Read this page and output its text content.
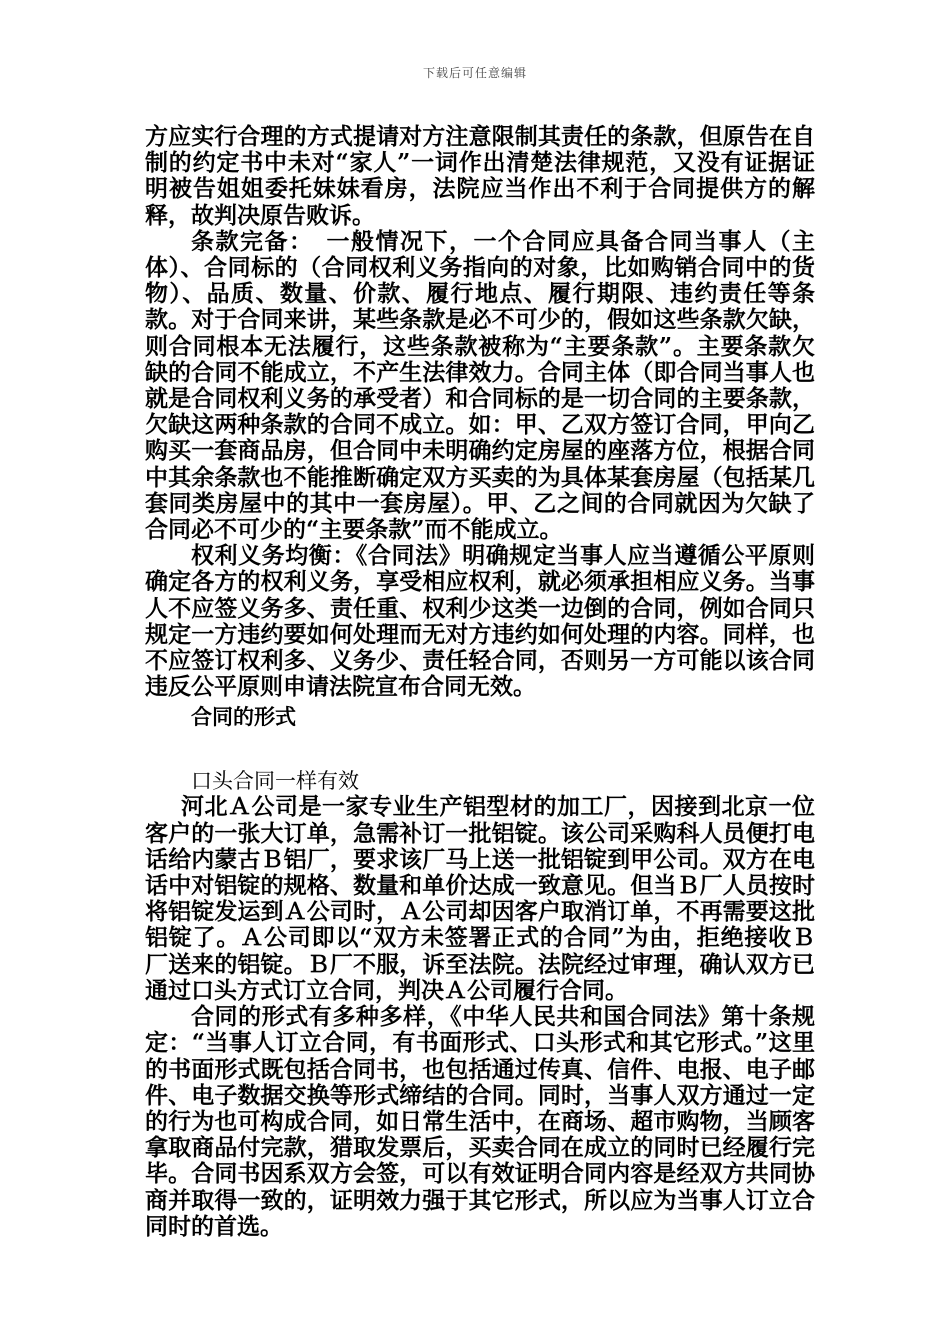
下载后可任意编辑

方应实行合理的方式提请对方注意限制其责任的条款，但原告在自制的约定书中未对“家人”一词作出清楚法律规范，又没有证据证明被告姐姐委托妹妹看房，法院应当作出不利于合同提供方的解释，故判决原告败诉。

条款完备：　一般情况下，一个合同应具备合同当事人（主体）、合同标的（合同权利义务指向的对象，比如购销合同中的货物）、品质、数量、价款、履行地点、履行期限、违约责任等条款。对于合同来讲，某些条款是必不可少的，假如这些条款欠缺，则合同根本无法履行，这些条款被称为“主要条款”。主要条款欠缺的合同不能成立，不产生法律效力。合同主体（即合同当事人也就是合同权利义务的承受者）和合同标的是一切合同的主要条款，欠缺这两种条款的合同不成立。如：甲、乙双方签订合同，甲向乙购买一套商品房，但合同中未明确约定房屋的座落方位，根据合同中其余条款也不能推断确定双方买卖的为具体某套房屋（包括某几套同类房屋中的其中一套房屋）。甲、乙之间的合同就因为欠缺了合同必不可少的“主要条款”而不能成立。

权利义务均衡：《合同法》明确规定当事人应当遵循公平原则确定各方的权利义务，享受相应权利，就必须承担相应义务。当事人不应签义务多、责任重、权利少这类一边倒的合同，例如合同只规定一方违约要如何处理而无对方违约如何处理的内容。同样，也不应签订权利多、义务少、责任轻合同，否则另一方可能以该合同违反公平原则申请法院宣布合同无效。

合同的形式
口头合同一样有效

河北Ａ公司是一家专业生产铝型材的加工厂，因接到北京一位客户的一张大订单，急需补订一批铝锭。该公司采购科人员便打电话给内蒙古Ｂ铝厂，要求该厂马上送一批铝锭到甲公司。双方在电话中对铝锭的规格、数量和单价达成一致意见。但当Ｂ厂人员按时将铝锭发运到Ａ公司时，Ａ公司却因客户取消订单，不再需要这批铝锭了。Ａ公司即以“双方未签署正式的合同”为由，拒绝接收Ｂ厂送来的铝锭。Ｂ厂不服，诉至法院。法院经过审理，确认双方已通过口头方式订立合同，判决Ａ公司履行合同。

合同的形式有多种多样，《中华人民共和国合同法》第十条规定：“当事人订立合同，有书面形式、口头形式和其它形式。”这里的书面形式既包括合同书，也包括通过传真、信件、电报、电子邮件、电子数据交换等形式缔结的合同。同时，当事人双方通过一定的行为也可构成合同，如日常生活中，在商场、超市购物，当顾客拿取商品付完款，猎取发票后，买卖合同在成立的同时已经履行完毕。合同书因系双方会签，可以有效证明合同内容是经双方共同协商并取得一致的，证明效力强于其它形式，所以应为当事人订立合同时的首选。
